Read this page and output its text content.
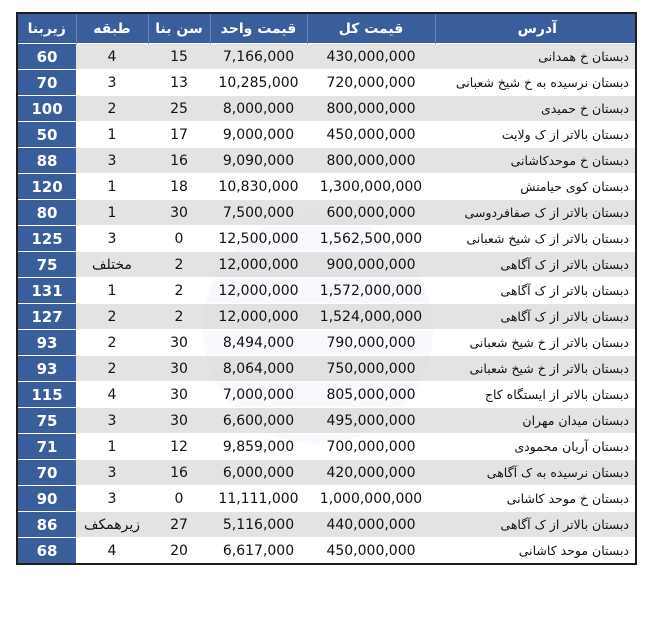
زیربنا	طبقه	سن بنا	قیمت واحد	قیمت کل	آدرس
60	4	15	7,166,000	430,000,000	دبستان خ همدانی
70	3	13	10,285,000	720,000,000	دبستان نرسیده به خ شیخ شعبانی
100	2	25	8,000,000	800,000,000	دبستان خ حمیدی
50	1	17	9,000,000	450,000,000	دبستان بالاتر از ک ولایت
88	3	16	9,090,000	800,000,000	دبستان خ موحدکاشانی
120	1	18	10,830,000	1,300,000,000	دبستان کوی حیامنش
80	1	30	7,500,000	600,000,000	دبستان بالاتر از ک صفافردوسی
125	3	0	12,500,000	1,562,500,000	دبستان بالاتر از ک شیخ شعبانی
75	مختلف	2	12,000,000	900,000,000	دبستان بالاتر از ک آگاهی
131	1	2	12,000,000	1,572,000,000	دبستان بالاتر از ک آگاهی
127	2	2	12,000,000	1,524,000,000	دبستان بالاتر از ک آگاهی
93	2	30	8,494,000	790,000,000	دبستان بالاتر از خ شیخ شعبانی
93	2	30	8,064,000	750,000,000	دبستان بالاتر از خ شیخ شعبانی
115	4	30	7,000,000	805,000,000	دبستان بالاتر از ایستگاه کاج
75	3	30	6,600,000	495,000,000	دبستان میدان مهران
71	1	12	9,859,000	700,000,000	دبستان آریان محمودی
70	3	16	6,000,000	420,000,000	دبستان نرسیده به ک آگاهی
90	3	0	11,111,000	1,000,000,000	دبستان خ موحد کاشانی
86	زیرهمکف	27	5,116,000	440,000,000	دبستان بالاتر از ک آگاهی
68	4	20	6,617,000	450,000,000	دبستان موحد کاشانی
